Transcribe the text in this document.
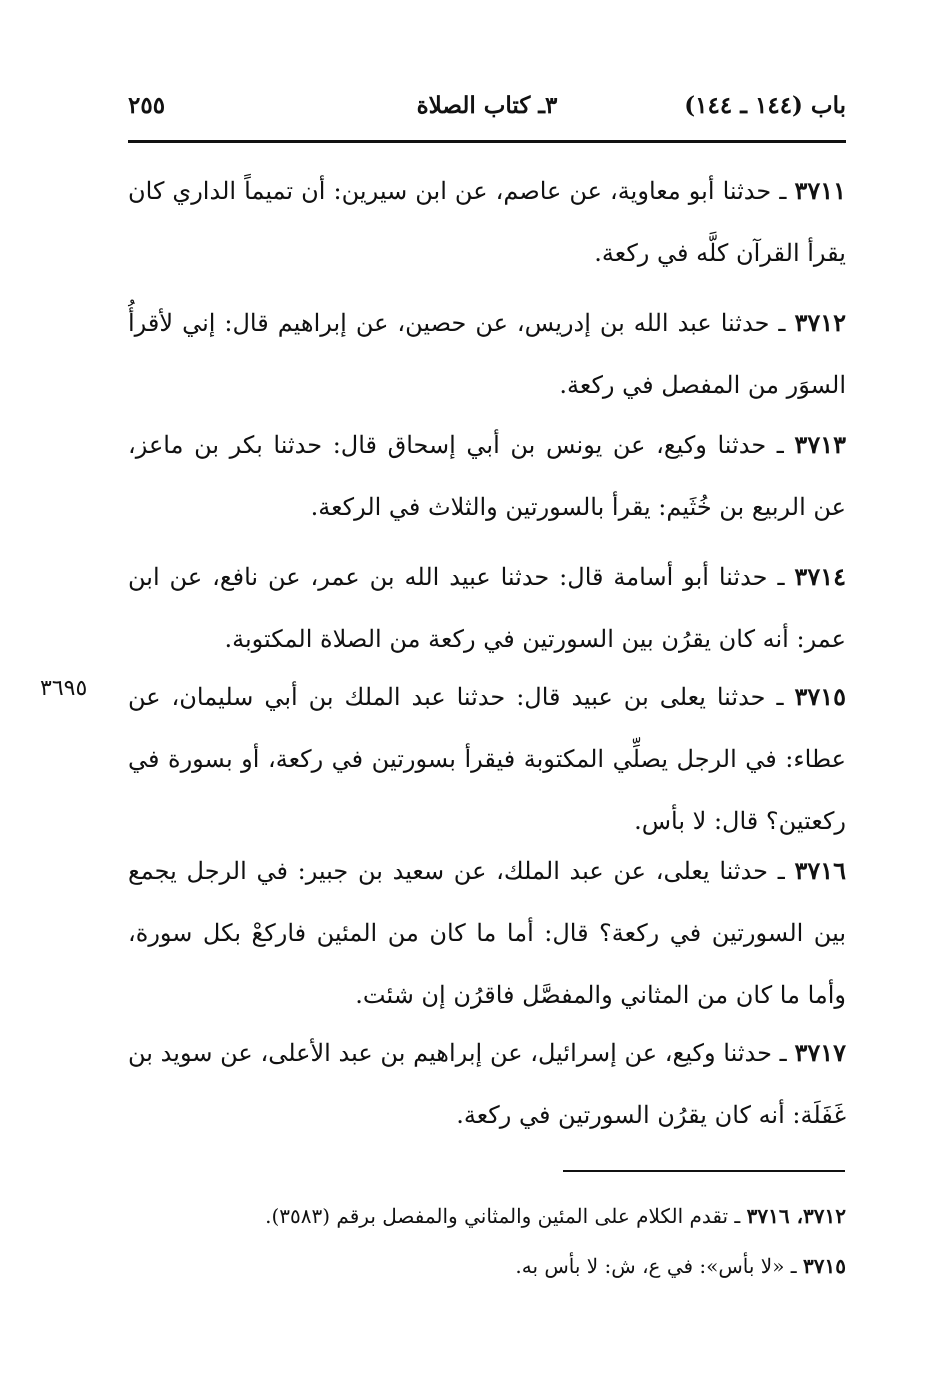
باب (١٤٤ ـ ١٤٤)
٣ـ كتاب الصلاة
٢٥٥
٣٧١١ ـ حدثنا أبو معاوية، عن عاصم، عن ابن سيرين: أن تميماً الداري كان يقرأ القرآن كلَّه في ركعة.
٣٧١٢ ـ حدثنا عبد الله بن إدريس، عن حصين، عن إبراهيم قال: إني لأقرأُ السوَر من المفصل في ركعة.
٣٧١٣ ـ حدثنا وكيع، عن يونس بن أبي إسحاق قال: حدثنا بكر بن ماعز، عن الربيع بن خُثَيم: يقرأ بالسورتين والثلاث في الركعة.
٣٧١٤ ـ حدثنا أبو أسامة قال: حدثنا عبيد الله بن عمر، عن نافع، عن ابن عمر: أنه كان يقرُن بين السورتين في ركعة من الصلاة المكتوبة.
٣٦٩٥	٣٧١٥ ـ حدثنا يعلى بن عبيد قال: حدثنا عبد الملك بن أبي سليمان، عن عطاء: في الرجل يصلِّي المكتوبة فيقرأ بسورتين في ركعة، أو بسورة في ركعتين؟ قال: لا بأس.
٣٧١٦ ـ حدثنا يعلى، عن عبد الملك، عن سعيد بن جبير: في الرجل يجمع بين السورتين في ركعة؟ قال: أما ما كان من المئين فاركعْ بكل سورة، وأما ما كان من المثاني والمفصَّل فاقرُن إن شئت.
٣٧١٧ ـ حدثنا وكيع، عن إسرائيل، عن إبراهيم بن عبد الأعلى، عن سويد بن غَفَلَة: أنه كان يقرُن السورتين في ركعة.
٣٧١٢، ٣٧١٦ ـ تقدم الكلام على المئين والمثاني والمفصل برقم (٣٥٨٣).
٣٧١٥ ـ «لا بأس»: في ع، ش: لا بأس به.
